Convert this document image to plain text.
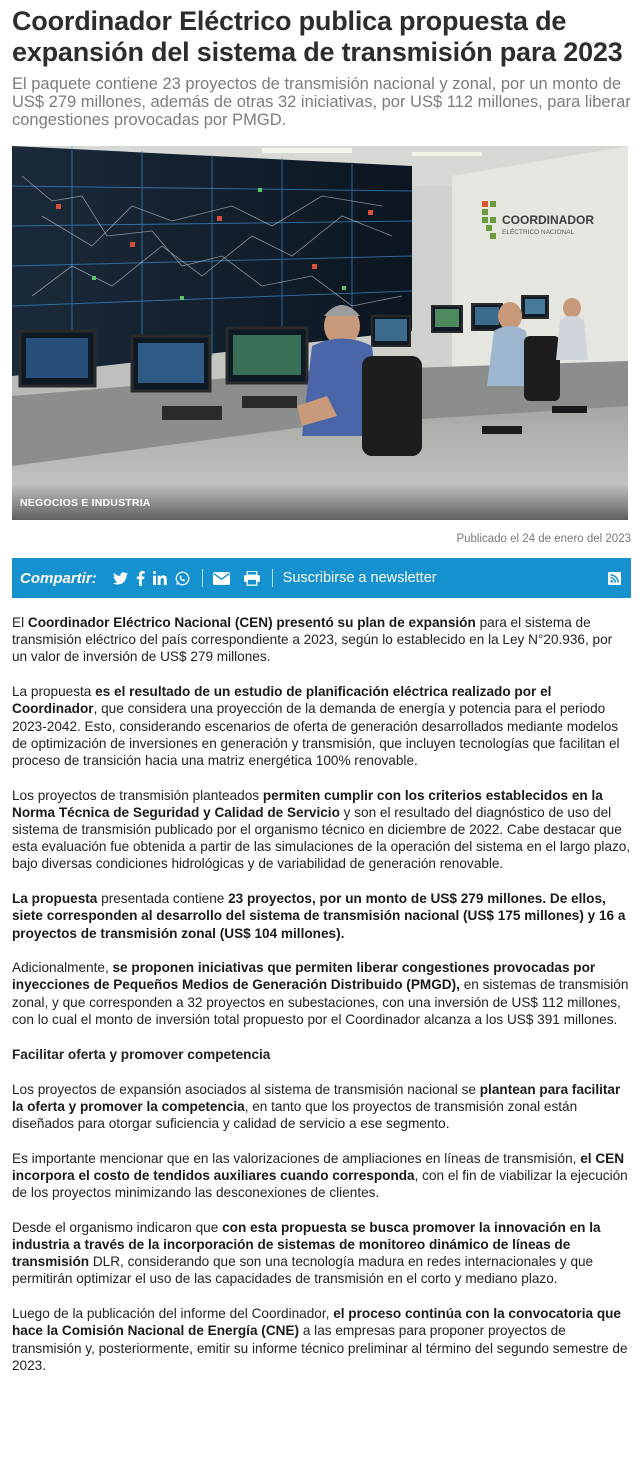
Coordinador Eléctrico publica propuesta de expansión del sistema de transmisión para 2023

El paquete contiene 23 proyectos de transmisión nacional y zonal, por un monto de US$ 279 millones, además de otras 32 iniciativas, por US$ 112 millones, para liberar congestiones provocadas por PMGD.

COORDINADOR
ELÉCTRICO NACIONAL
NEGOCIOS E INDUSTRIA
Publicado el 24 de enero del 2023
Compartir:	Suscribirse a newsletter

El Coordinador Eléctrico Nacional (CEN) presentó su plan de expansión para el sistema de transmisión eléctrico del país correspondiente a 2023, según lo establecido en la Ley N°20.936, por un valor de inversión de US$ 279 millones.

La propuesta es el resultado de un estudio de planificación eléctrica realizado por el Coordinador, que considera una proyección de la demanda de energía y potencia para el periodo 2023-2042. Esto, considerando escenarios de oferta de generación desarrollados mediante modelos de optimización de inversiones en generación y transmisión, que incluyen tecnologías que facilitan el proceso de transición hacia una matriz energética 100% renovable.

Los proyectos de transmisión planteados permiten cumplir con los criterios establecidos en la Norma Técnica de Seguridad y Calidad de Servicio y son el resultado del diagnóstico de uso del sistema de transmisión publicado por el organismo técnico en diciembre de 2022. Cabe destacar que esta evaluación fue obtenida a partir de las simulaciones de la operación del sistema en el largo plazo, bajo diversas condiciones hidrológicas y de variabilidad de generación renovable.

La propuesta presentada contiene 23 proyectos, por un monto de US$ 279 millones. De ellos, siete corresponden al desarrollo del sistema de transmisión nacional (US$ 175 millones) y 16 a proyectos de transmisión zonal (US$ 104 millones).

Adicionalmente, se proponen iniciativas que permiten liberar congestiones provocadas por inyecciones de Pequeños Medios de Generación Distribuido (PMGD), en sistemas de transmisión zonal, y que corresponden a 32 proyectos en subestaciones, con una inversión de US$ 112 millones, con lo cual el monto de inversión total propuesto por el Coordinador alcanza a los US$ 391 millones.

Facilitar oferta y promover competencia

Los proyectos de expansión asociados al sistema de transmisión nacional se plantean para facilitar la oferta y promover la competencia, en tanto que los proyectos de transmisión zonal están diseñados para otorgar suficiencia y calidad de servicio a ese segmento.

Es importante mencionar que en las valorizaciones de ampliaciones en líneas de transmisión, el CEN incorpora el costo de tendidos auxiliares cuando corresponda, con el fin de viabilizar la ejecución de los proyectos minimizando las desconexiones de clientes.

Desde el organismo indicaron que con esta propuesta se busca promover la innovación en la industria a través de la incorporación de sistemas de monitoreo dinámico de líneas de transmisión DLR, considerando que son una tecnología madura en redes internacionales y que permitirán optimizar el uso de las capacidades de transmisión en el corto y mediano plazo.

Luego de la publicación del informe del Coordinador, el proceso continúa con la convocatoria que hace la Comisión Nacional de Energía (CNE) a las empresas para proponer proyectos de transmisión y, posteriormente, emitir su informe técnico preliminar al término del segundo semestre de 2023.
